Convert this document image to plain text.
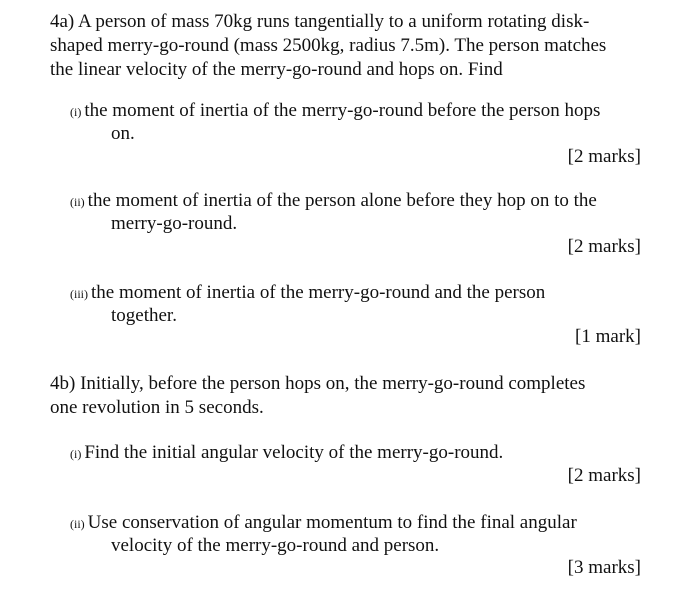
4a) A person of mass 70kg runs tangentially to a uniform rotating disk-
shaped merry-go-round (mass 2500kg, radius 7.5m). The person matches
the linear velocity of the merry-go-round and hops on. Find
(i) the moment of inertia of the merry-go-round before the person hops
on.
[2 marks]
(ii) the moment of inertia of the person alone before they hop on to the
merry-go-round.
[2 marks]
(iii) the moment of inertia of the merry-go-round and the person
together.
[1 mark]
4b) Initially, before the person hops on, the merry-go-round completes
one revolution in 5 seconds.
(i) Find the initial angular velocity of the merry-go-round.
[2 marks]
(ii) Use conservation of angular momentum to find the final angular
velocity of the merry-go-round and person.
[3 marks]
